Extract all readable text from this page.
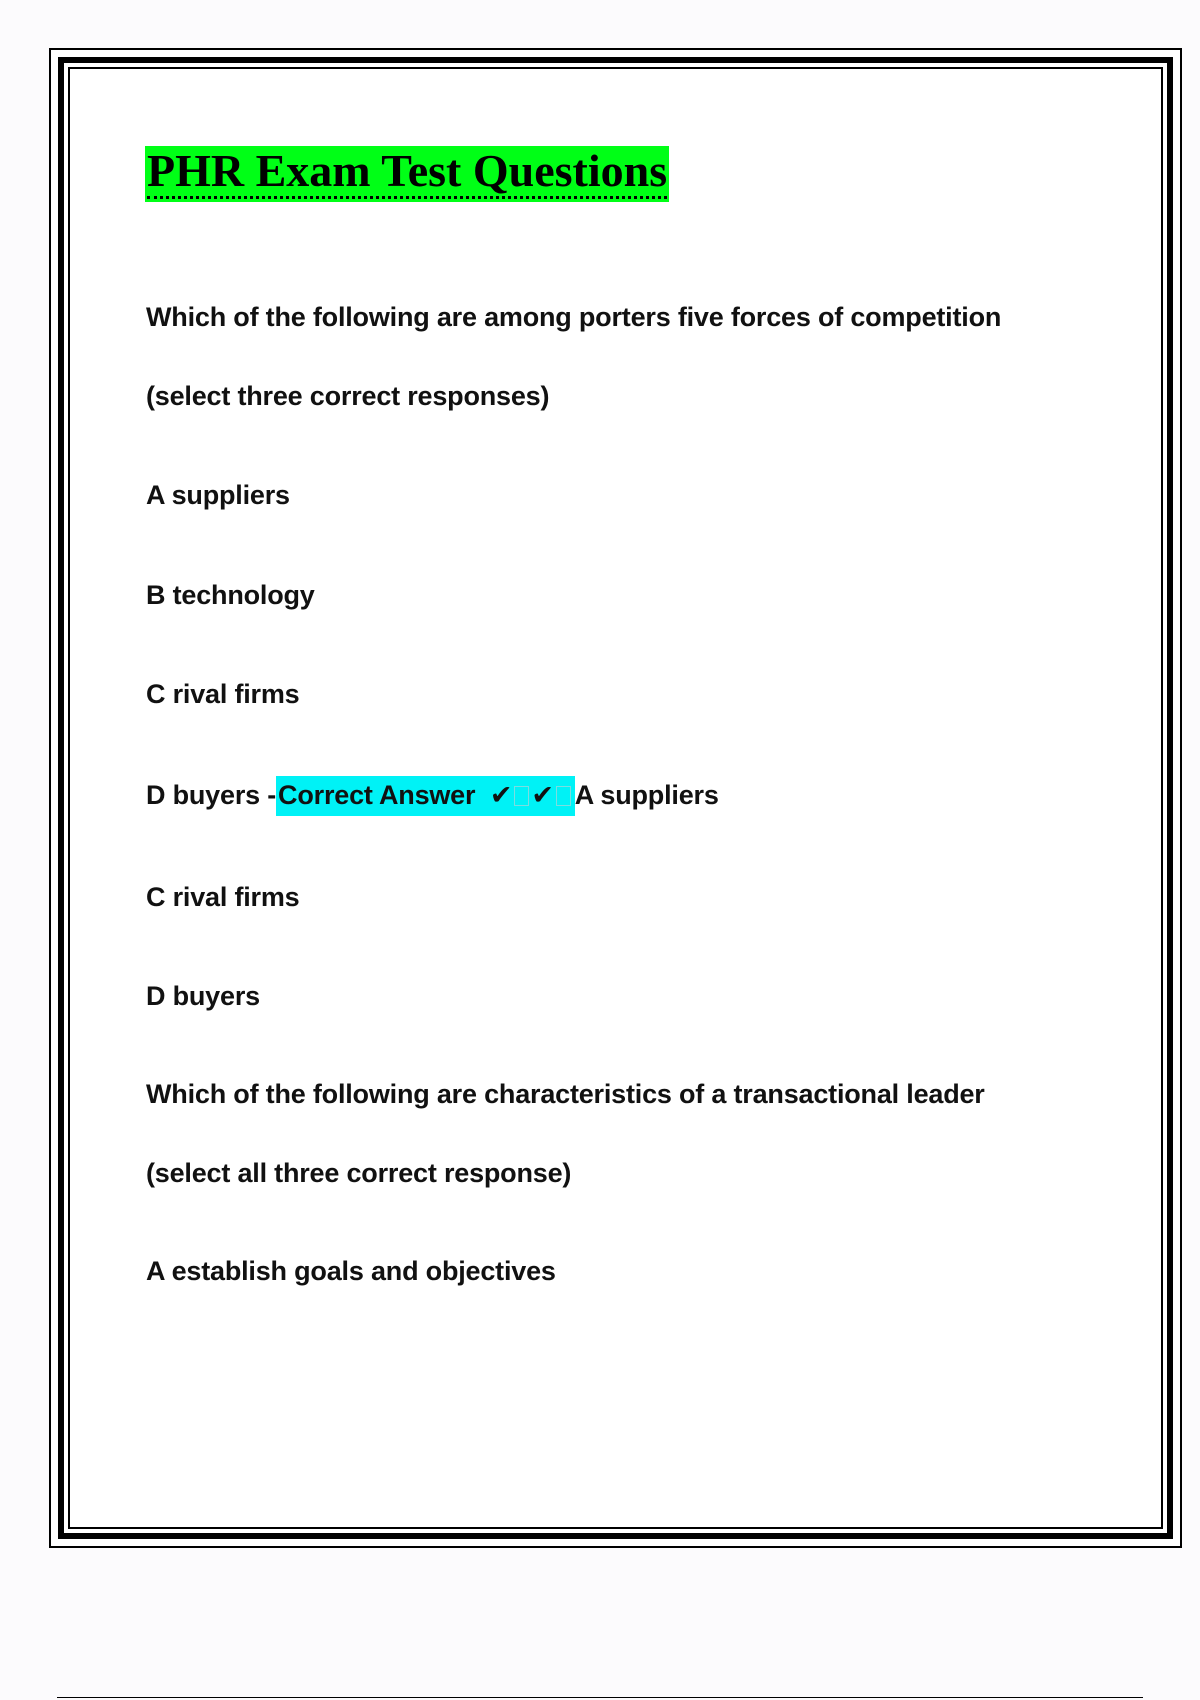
PHR Exam Test Questions
Which of the following are among porters five forces of competition
(select three correct responses)
A suppliers
B technology
C rival firms
D buyers -Correct Answer ✔ ✔ A suppliers
C rival firms
D buyers
Which of the following are characteristics of a transactional leader
(select all three correct response)
A establish goals and objectives
